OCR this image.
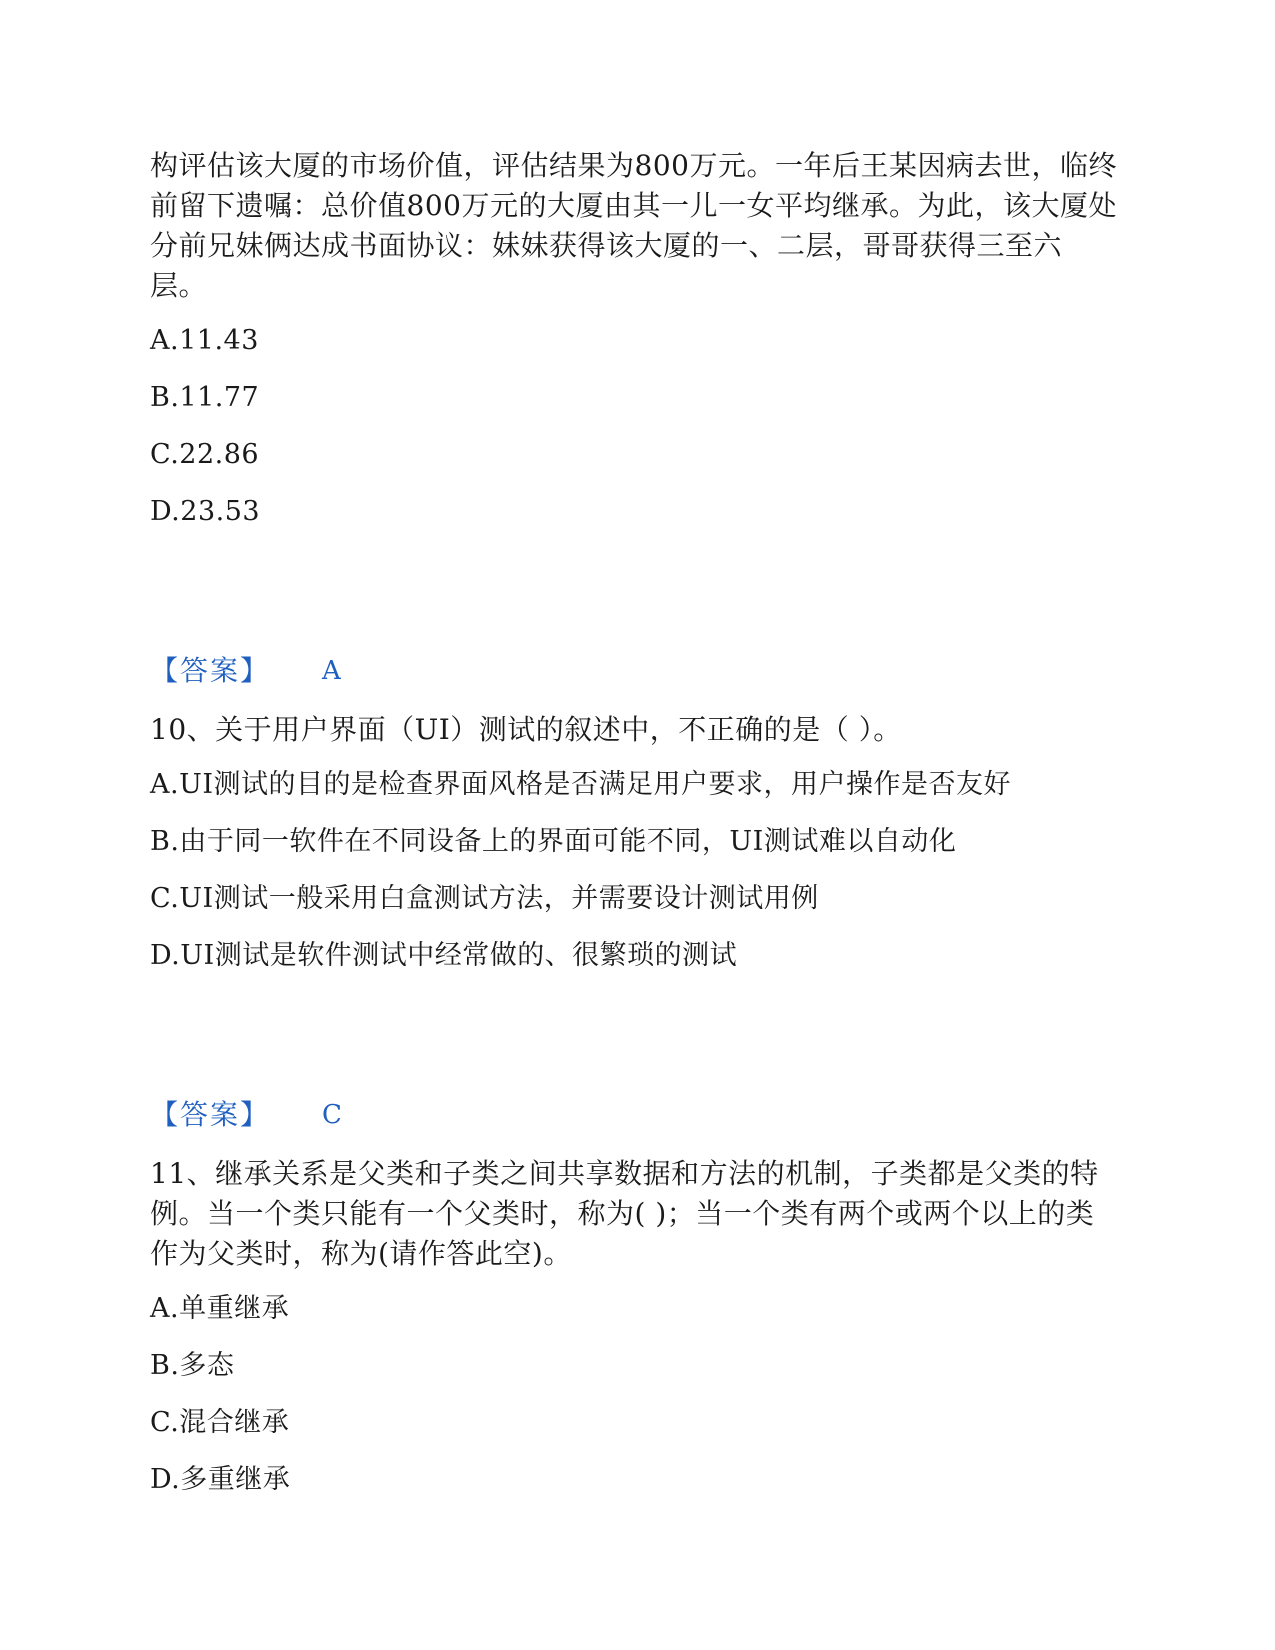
构评估该大厦的市场价值，评估结果为800万元。一年后王某因病去世，临终前留下遗嘱：总价值800万元的大厦由其一儿一女平均继承。为此，该大厦处分前兄妹俩达成书面协议：妹妹获得该大厦的一、二层，哥哥获得三至六层。

A.11.43

B.11.77

C.22.86

D.23.53

【答案】 A

10、关于用户界面（UI）测试的叙述中，不正确的是（ ）。

A.UI测试的目的是检查界面风格是否满足用户要求，用户操作是否友好

B.由于同一软件在不同设备上的界面可能不同，UI测试难以自动化

C.UI测试一般采用白盒测试方法，并需要设计测试用例

D.UI测试是软件测试中经常做的、很繁琐的测试

【答案】 C

11、继承关系是父类和子类之间共享数据和方法的机制，子类都是父类的特例。当一个类只能有一个父类时，称为( )；当一个类有两个或两个以上的类作为父类时，称为(请作答此空)。

A.单重继承

B.多态

C.混合继承

D.多重继承
